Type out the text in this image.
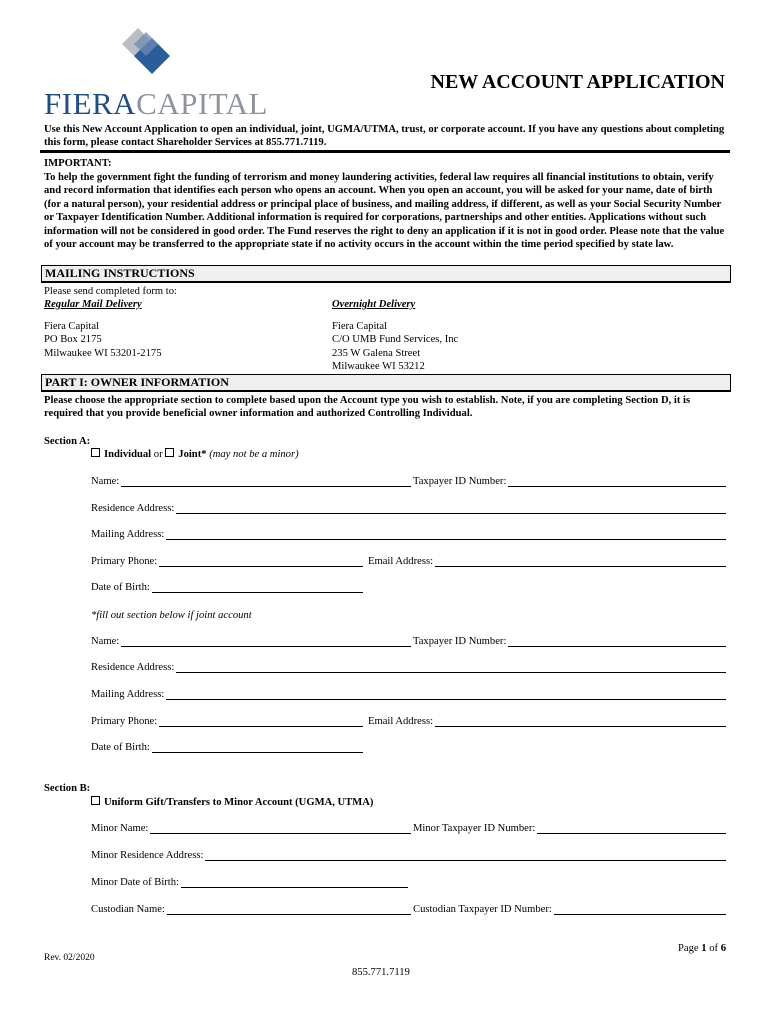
FIERACAPITAL
NEW ACCOUNT APPLICATION
Use this New Account Application to open an individual, joint, UGMA/UTMA, trust, or corporate account. If you have any questions about completing this form, please contact Shareholder Services at 855.771.7119.
IMPORTANT:
To help the government fight the funding of terrorism and money laundering activities, federal law requires all financial institutions to obtain, verify and record information that identifies each person who opens an account. When you open an account, you will be asked for your name, date of birth (for a natural person), your residential address or principal place of business, and mailing address, if different, as well as your Social Security Number or Taxpayer Identification Number. Additional information is required for corporations, partnerships and other entities. Applications without such information will not be considered in good order. The Fund reserves the right to deny an application if it is not in good order. Please note that the value of your account may be transferred to the appropriate state if no activity occurs in the account within the time period specified by state law.
MAILING INSTRUCTIONS
Please send completed form to:
Regular Mail Delivery
Fiera Capital
PO Box 2175
Milwaukee WI 53201-2175
Overnight Delivery
Fiera Capital
C/O UMB Fund Services, Inc
235 W Galena Street
Milwaukee WI 53212
PART I: OWNER INFORMATION
Please choose the appropriate section to complete based upon the Account type you wish to establish. Note, if you are completing Section D, it is required that you provide beneficial owner information and authorized Controlling Individual.
Section A:
Individual or Joint* (may not be a minor)
Name:	Taxpayer ID Number:
Residence Address:
Mailing Address:
Primary Phone:	Email Address:
Date of Birth:
*fill out section below if joint account
Name:	Taxpayer ID Number:
Residence Address:
Mailing Address:
Primary Phone:	Email Address:
Date of Birth:
Section B:
Uniform Gift/Transfers to Minor Account (UGMA, UTMA)
Minor Name:	Minor Taxpayer ID Number:
Minor Residence Address:
Minor Date of Birth:
Custodian Name:	Custodian Taxpayer ID Number:
Page 1 of 6
Rev. 02/2020
855.771.7119
